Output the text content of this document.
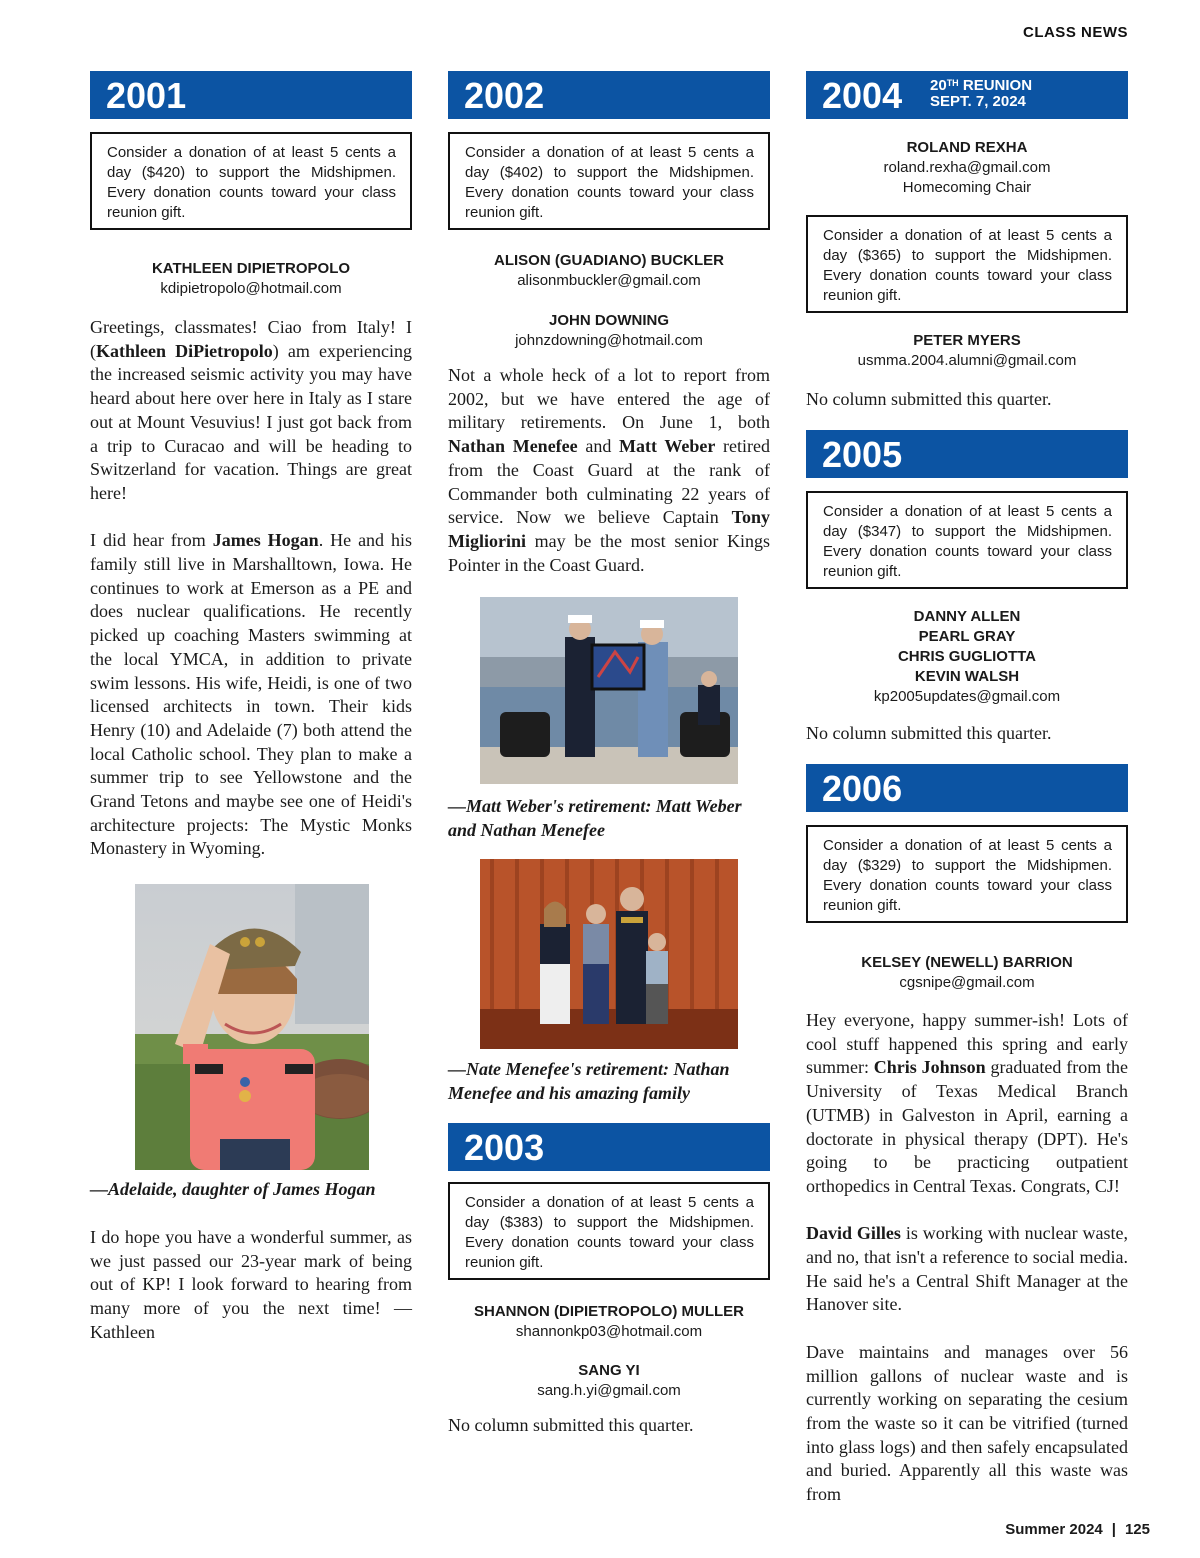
CLASS NEWS
2001
Consider a donation of at least 5 cents a day ($420) to support the Midshipmen. Every donation counts toward your class reunion gift.
KATHLEEN DIPIETROPOLO
kdipietropolo@hotmail.com

Greetings, classmates! Ciao from Italy! I (Kathleen DiPietropolo) am experiencing the increased seismic activity you may have heard about here over here in Italy as I stare out at Mount Vesuvius! I just got back from a trip to Curacao and will be heading to Switzerland for vacation. Things are great here!

I did hear from James Hogan. He and his family still live in Marshalltown, Iowa. He continues to work at Emerson as a PE and does nuclear qualifications. He recently picked up coaching Masters swimming at the local YMCA, in addition to private swim lessons. His wife, Heidi, is one of two licensed architects in town. Their kids Henry (10) and Adelaide (7) both attend the local Catholic school. They plan to make a summer trip to see Yellowstone and the Grand Tetons and maybe see one of Heidi's architecture projects: The Mystic Monks Monastery in Wyoming.

—Adelaide, daughter of James Hogan
I do hope you have a wonderful summer, as we just passed our 23-year mark of being out of KP! I look forward to hearing from many more of you the next time! —Kathleen
2002
Consider a donation of at least 5 cents a day ($402) to support the Midshipmen. Every donation counts toward your class reunion gift.
ALISON (GUADIANO) BUCKLER
alisonmbuckler@gmail.com
JOHN DOWNING
johnzdowning@hotmail.com

Not a whole heck of a lot to report from 2002, but we have entered the age of military retirements. On June 1, both Nathan Menefee and Matt Weber retired from the Coast Guard at the rank of Commander both culminating 22 years of service. Now we believe Captain Tony Migliorini may be the most senior Kings Pointer in the Coast Guard.

—Matt Weber's retirement: Matt Weber and Nathan Menefee
—Nate Menefee's retirement: Nathan Menefee and his amazing family
2003
Consider a donation of at least 5 cents a day ($383) to support the Midshipmen. Every donation counts toward your class reunion gift.
SHANNON (DIPIETROPOLO) MULLER
shannonkp03@hotmail.com
SANG YI
sang.h.yi@gmail.com
No column submitted this quarter.
2004 20TH REUNION
SEPT. 7, 2024
ROLAND REXHA
roland.rexha@gmail.com
Homecoming Chair
Consider a donation of at least 5 cents a day ($365) to support the Midshipmen. Every donation counts toward your class reunion gift.
PETER MYERS
usmma.2004.alumni@gmail.com
No column submitted this quarter.
2005
Consider a donation of at least 5 cents a day ($347) to support the Midshipmen. Every donation counts toward your class reunion gift.
DANNY ALLEN
PEARL GRAY
CHRIS GUGLIOTTA
KEVIN WALSH
kp2005updates@gmail.com
No column submitted this quarter.
2006
Consider a donation of at least 5 cents a day ($329) to support the Midshipmen. Every donation counts toward your class reunion gift.
KELSEY (NEWELL) BARRION
cgsnipe@gmail.com

Hey everyone, happy summer-ish! Lots of cool stuff happened this spring and early summer: Chris Johnson graduated from the University of Texas Medical Branch (UTMB) in Galveston in April, earning a doctorate in physical therapy (DPT). He's going to be practicing outpatient orthopedics in Central Texas. Congrats, CJ!

David Gilles is working with nuclear waste, and no, that isn't a reference to social media. He said he's a Central Shift Manager at the Hanover site.

Dave maintains and manages over 56 million gallons of nuclear waste and is currently working on separating the cesium from the waste so it can be vitrified (turned into glass logs) and then safely encapsulated and buried. Apparently all this waste was from

Summer 2024 | 125
